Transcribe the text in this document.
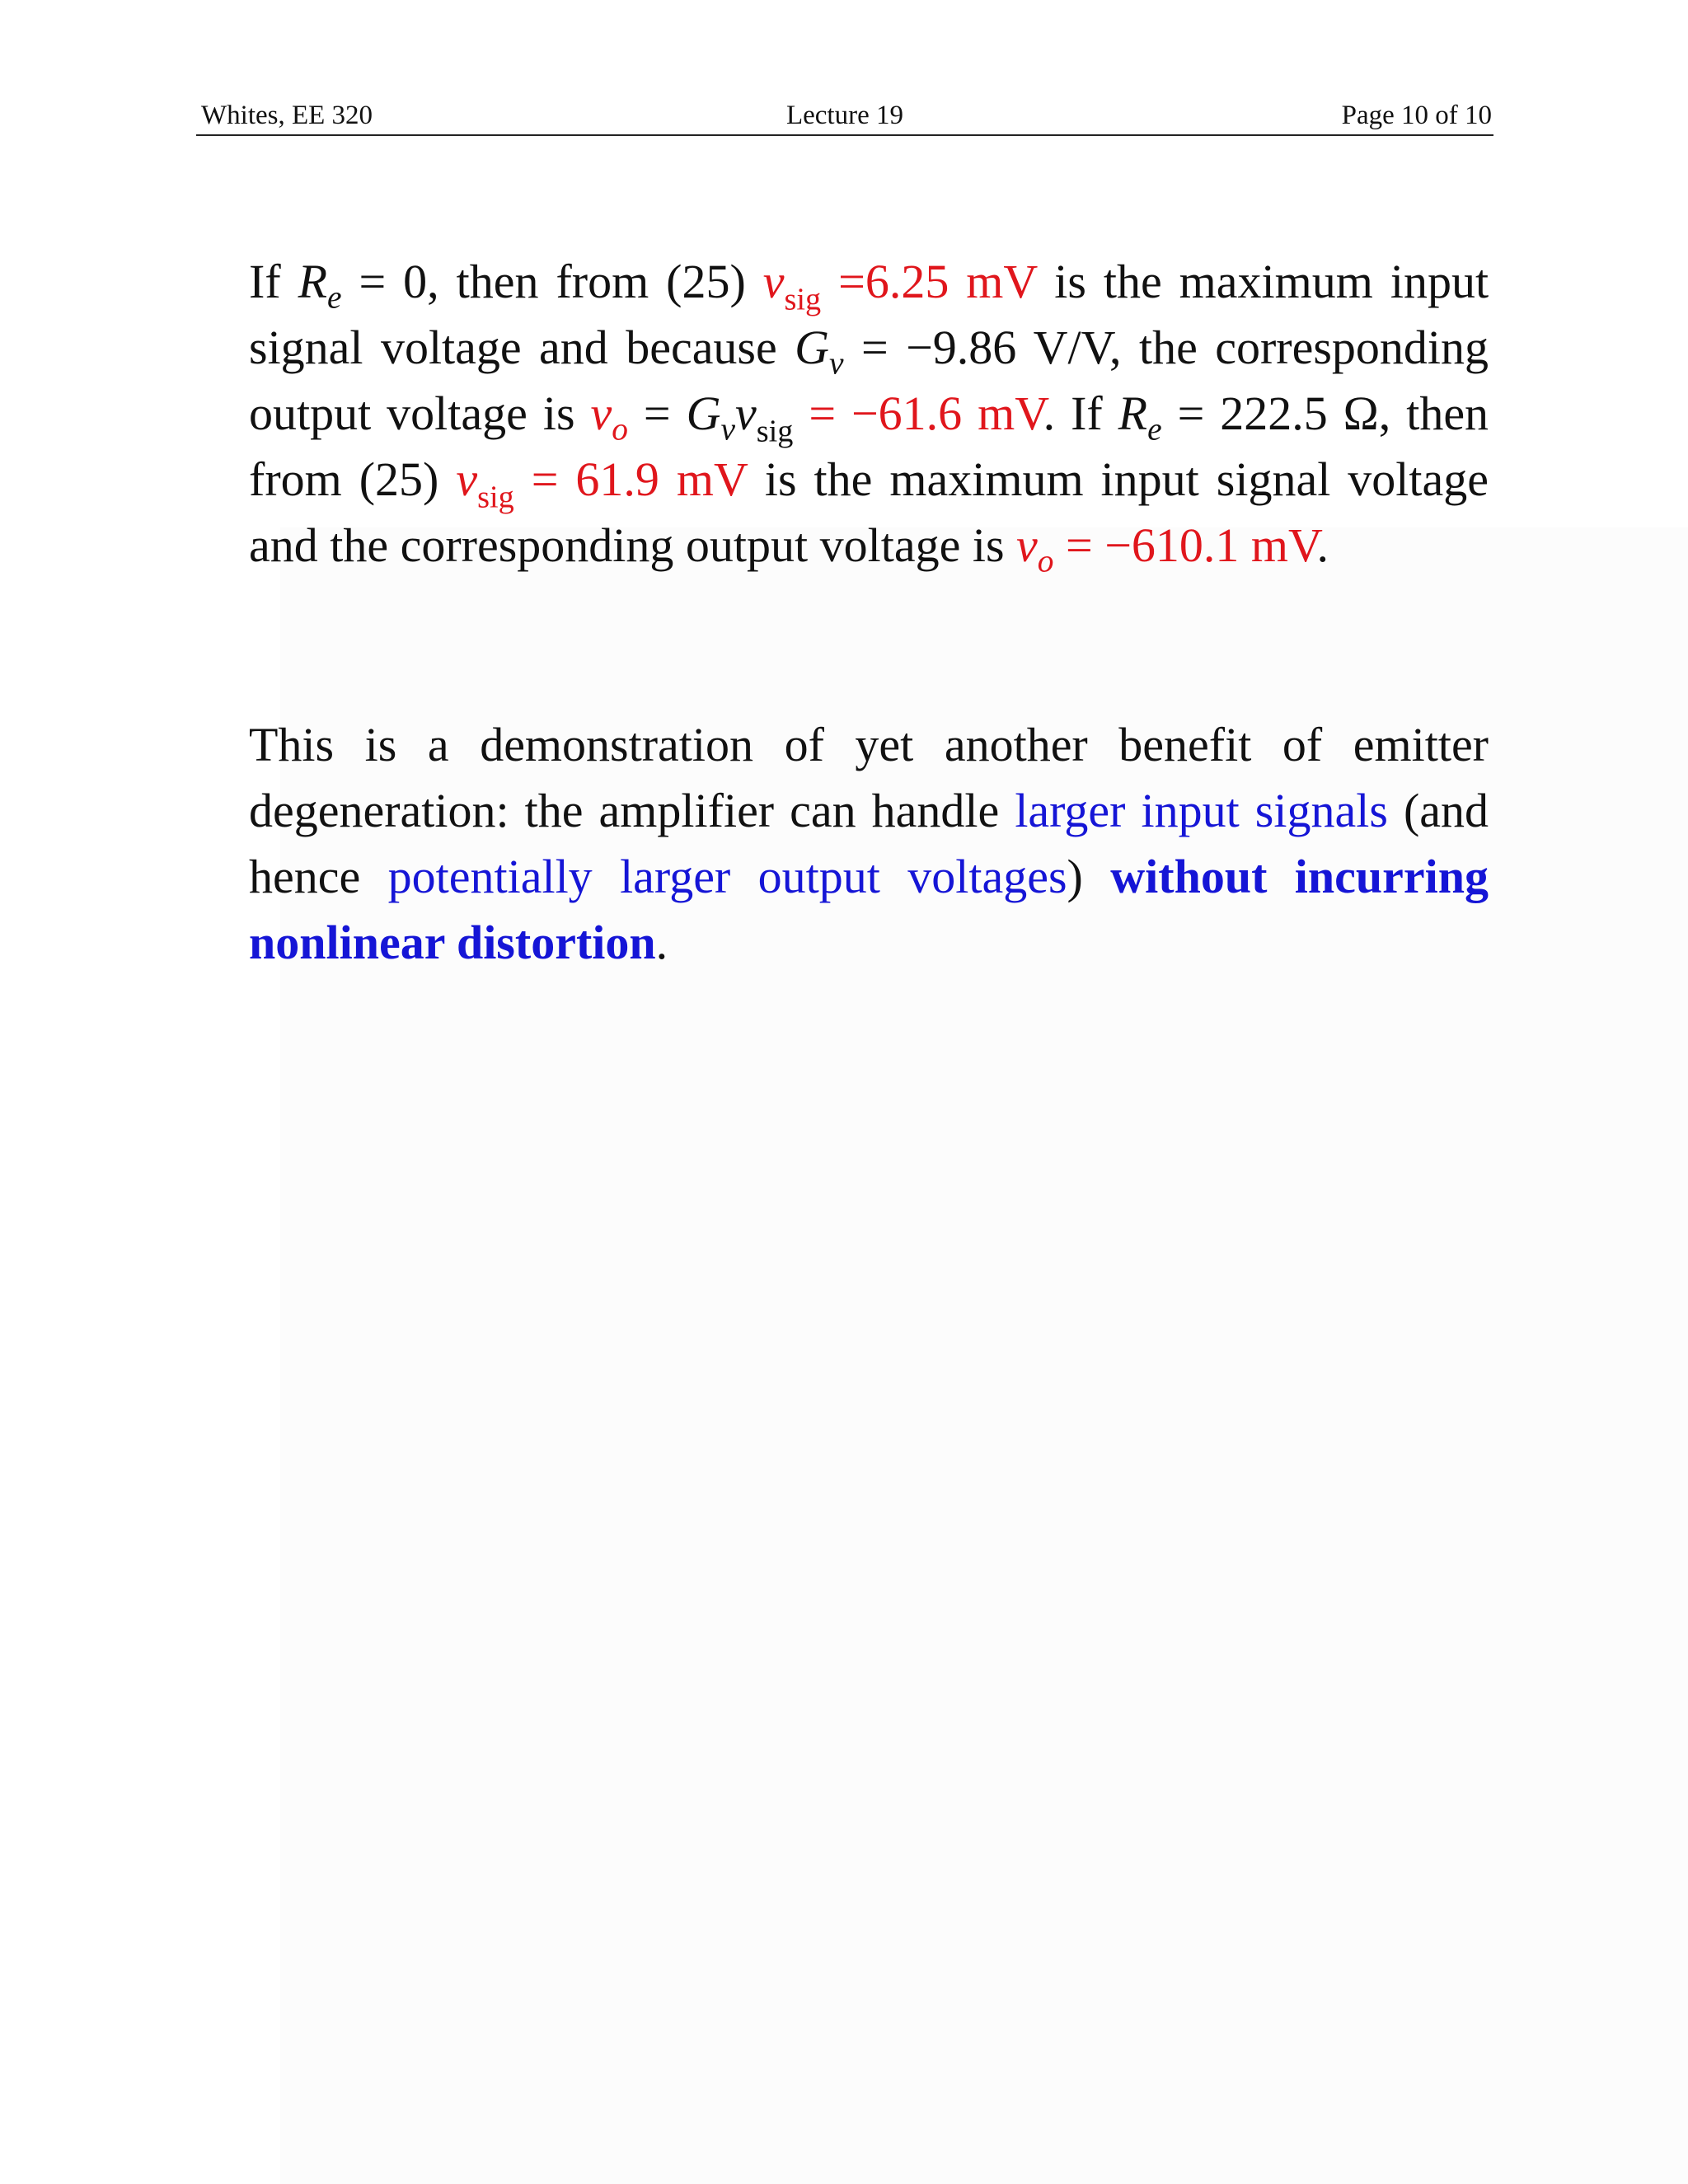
Whites, EE 320	Lecture 19	Page 10 of 10

If $R_e = 0$, then from (25) $v_{sig} =6.25$ mV is the maximum input signal voltage and because $G_v = -9.86$ V/V, the corresponding output voltage is $v_o = G_vv_{sig} = -61.6$ mV. If $R_e = 222.5$ Ω, then from (25) $v_{sig} = 61.9$ mV is the maximum input signal voltage and the corresponding output voltage is $v_o = -610.1$ mV.

This is a demonstration of yet another benefit of emitter degeneration: the amplifier can handle larger input signals (and hence potentially larger output voltages) without incurring nonlinear distortion.
